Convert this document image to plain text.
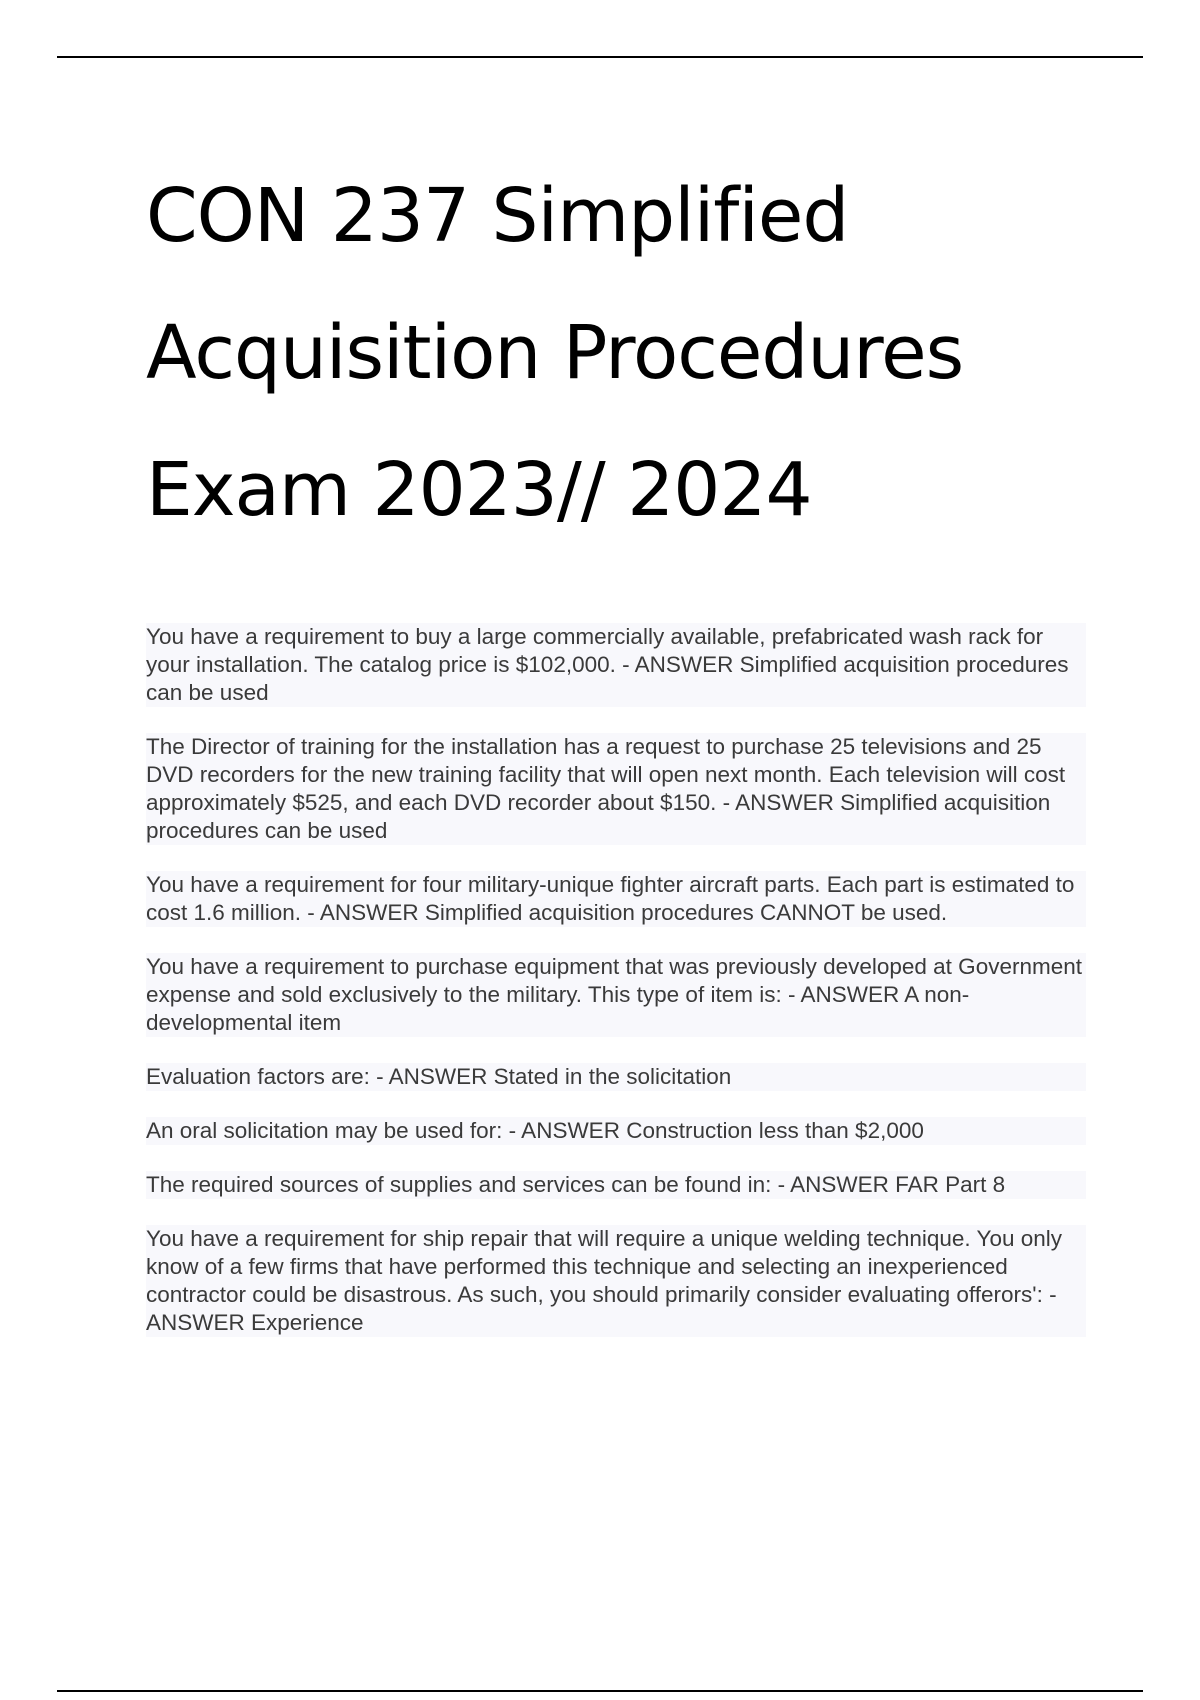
CON 237 Simplified
Acquisition Procedures
Exam 2023// 2024
You have a requirement to buy a large commercially available, prefabricated wash rack for your installation. The catalog price is $102,000. - ANSWER Simplified acquisition procedures can be used
The Director of training for the installation has a request to purchase 25 televisions and 25 DVD recorders for the new training facility that will open next month. Each television will cost approximately $525, and each DVD recorder about $150. - ANSWER Simplified acquisition procedures can be used
You have a requirement for four military-unique fighter aircraft parts. Each part is estimated to cost 1.6 million. - ANSWER Simplified acquisition procedures CANNOT be used.
You have a requirement to purchase equipment that was previously developed at Government expense and sold exclusively to the military. This type of item is: - ANSWER A non-developmental item
Evaluation factors are: - ANSWER Stated in the solicitation
An oral solicitation may be used for: - ANSWER Construction less than $2,000
The required sources of supplies and services can be found in: - ANSWER FAR Part 8
You have a requirement for ship repair that will require a unique welding technique. You only know of a few firms that have performed this technique and selecting an inexperienced contractor could be disastrous. As such, you should primarily consider evaluating offerors': - ANSWER Experience
